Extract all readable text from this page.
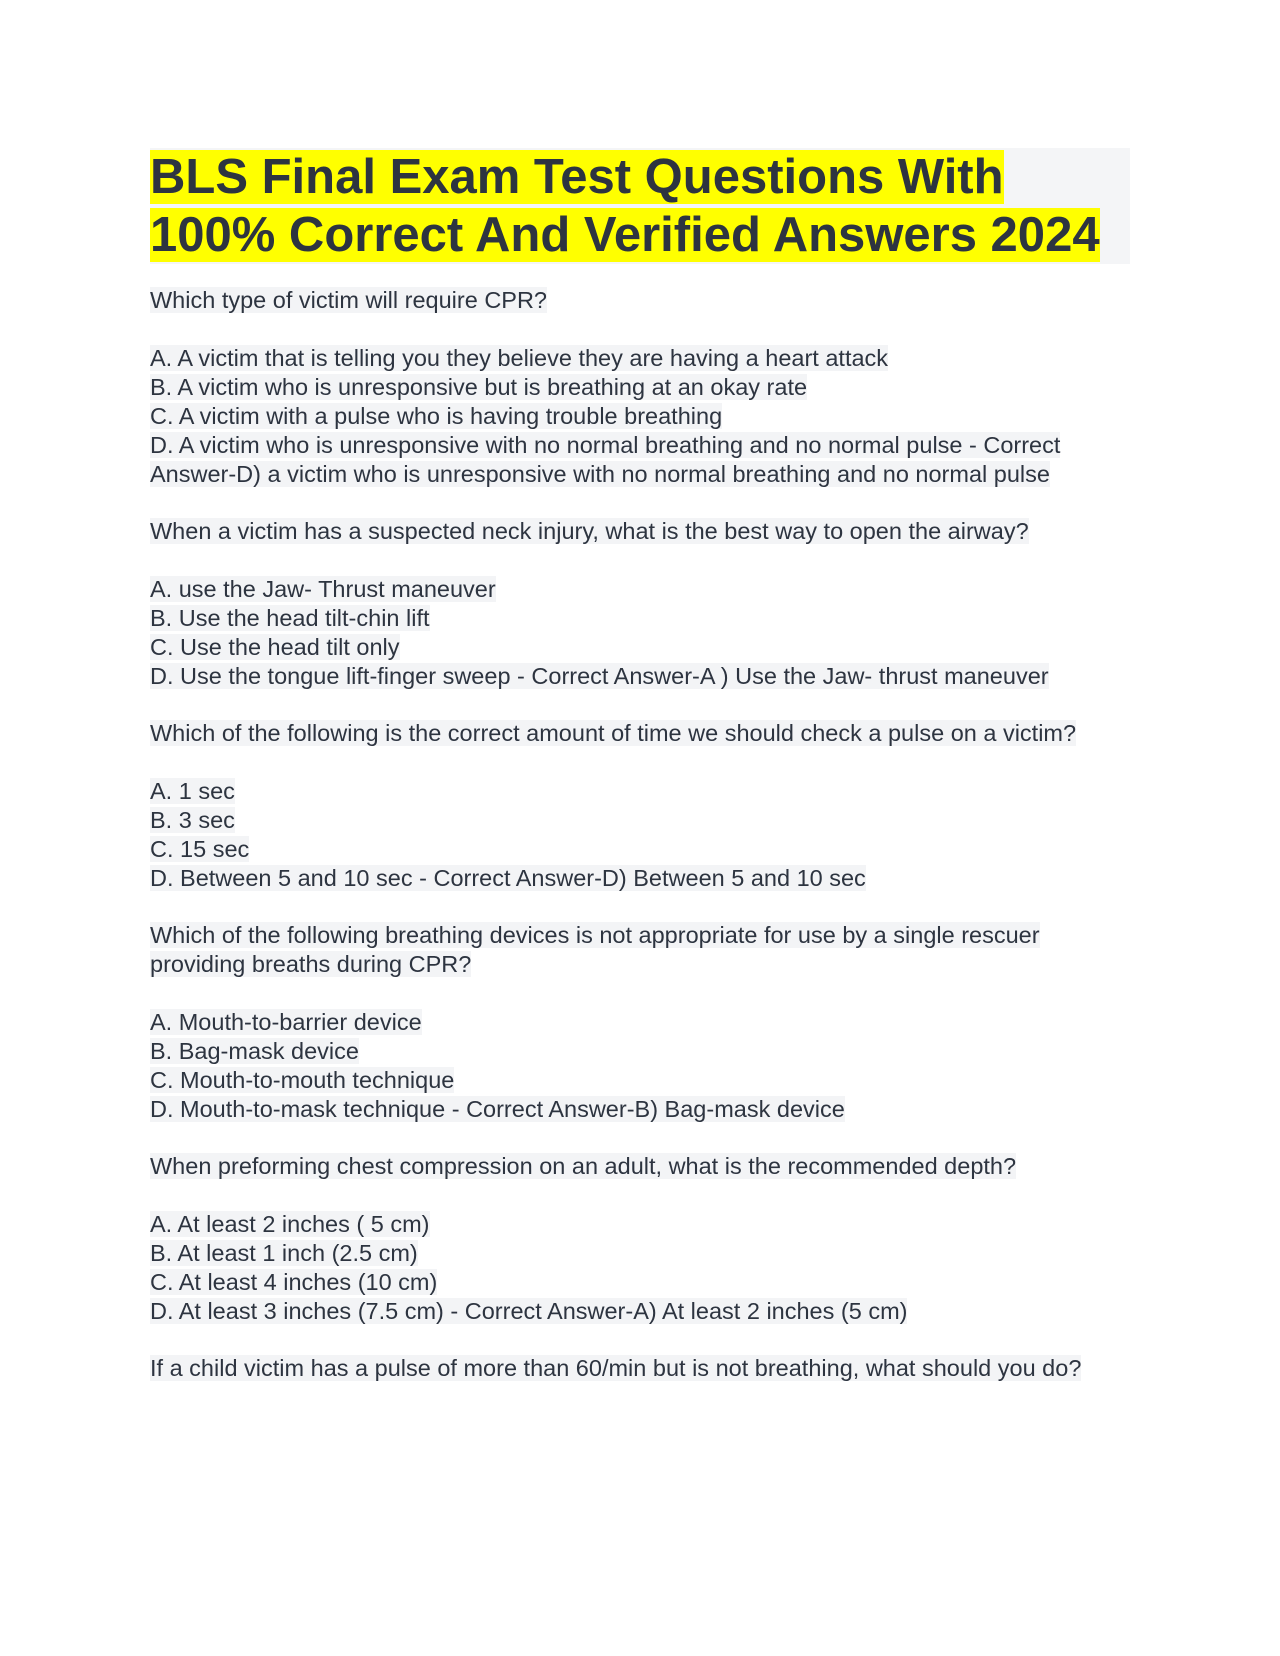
BLS Final Exam Test Questions With 100% Correct And Verified Answers 2024

Which type of victim will require CPR?

A. A victim that is telling you they believe they are having a heart attack

B. A victim who is unresponsive but is breathing at an okay rate

C. A victim with a pulse who is having trouble breathing

D. A victim who is unresponsive with no normal breathing and no normal pulse - Correct Answer-D) a victim who is unresponsive with no normal breathing and no normal pulse

When a victim has a suspected neck injury, what is the best way to open the airway?

A. use the Jaw- Thrust maneuver

B. Use the head tilt-chin lift

C. Use the head tilt only

D. Use the tongue lift-finger sweep - Correct Answer-A ) Use the Jaw- thrust maneuver

Which of the following is the correct amount of time we should check a pulse on a victim?

A. 1 sec

B. 3 sec

C. 15 sec

D. Between 5 and 10 sec - Correct Answer-D) Between 5 and 10 sec

Which of the following breathing devices is not appropriate for use by a single rescuer providing breaths during CPR?

A. Mouth-to-barrier device

B. Bag-mask device

C. Mouth-to-mouth technique

D. Mouth-to-mask technique - Correct Answer-B) Bag-mask device

When preforming chest compression on an adult, what is the recommended depth?

A. At least 2 inches ( 5 cm)

B. At least 1 inch (2.5 cm)

C. At least 4 inches (10 cm)

D. At least 3 inches (7.5 cm) - Correct Answer-A) At least 2 inches (5 cm)

If a child victim has a pulse of more than 60/min but is not breathing, what should you do?
